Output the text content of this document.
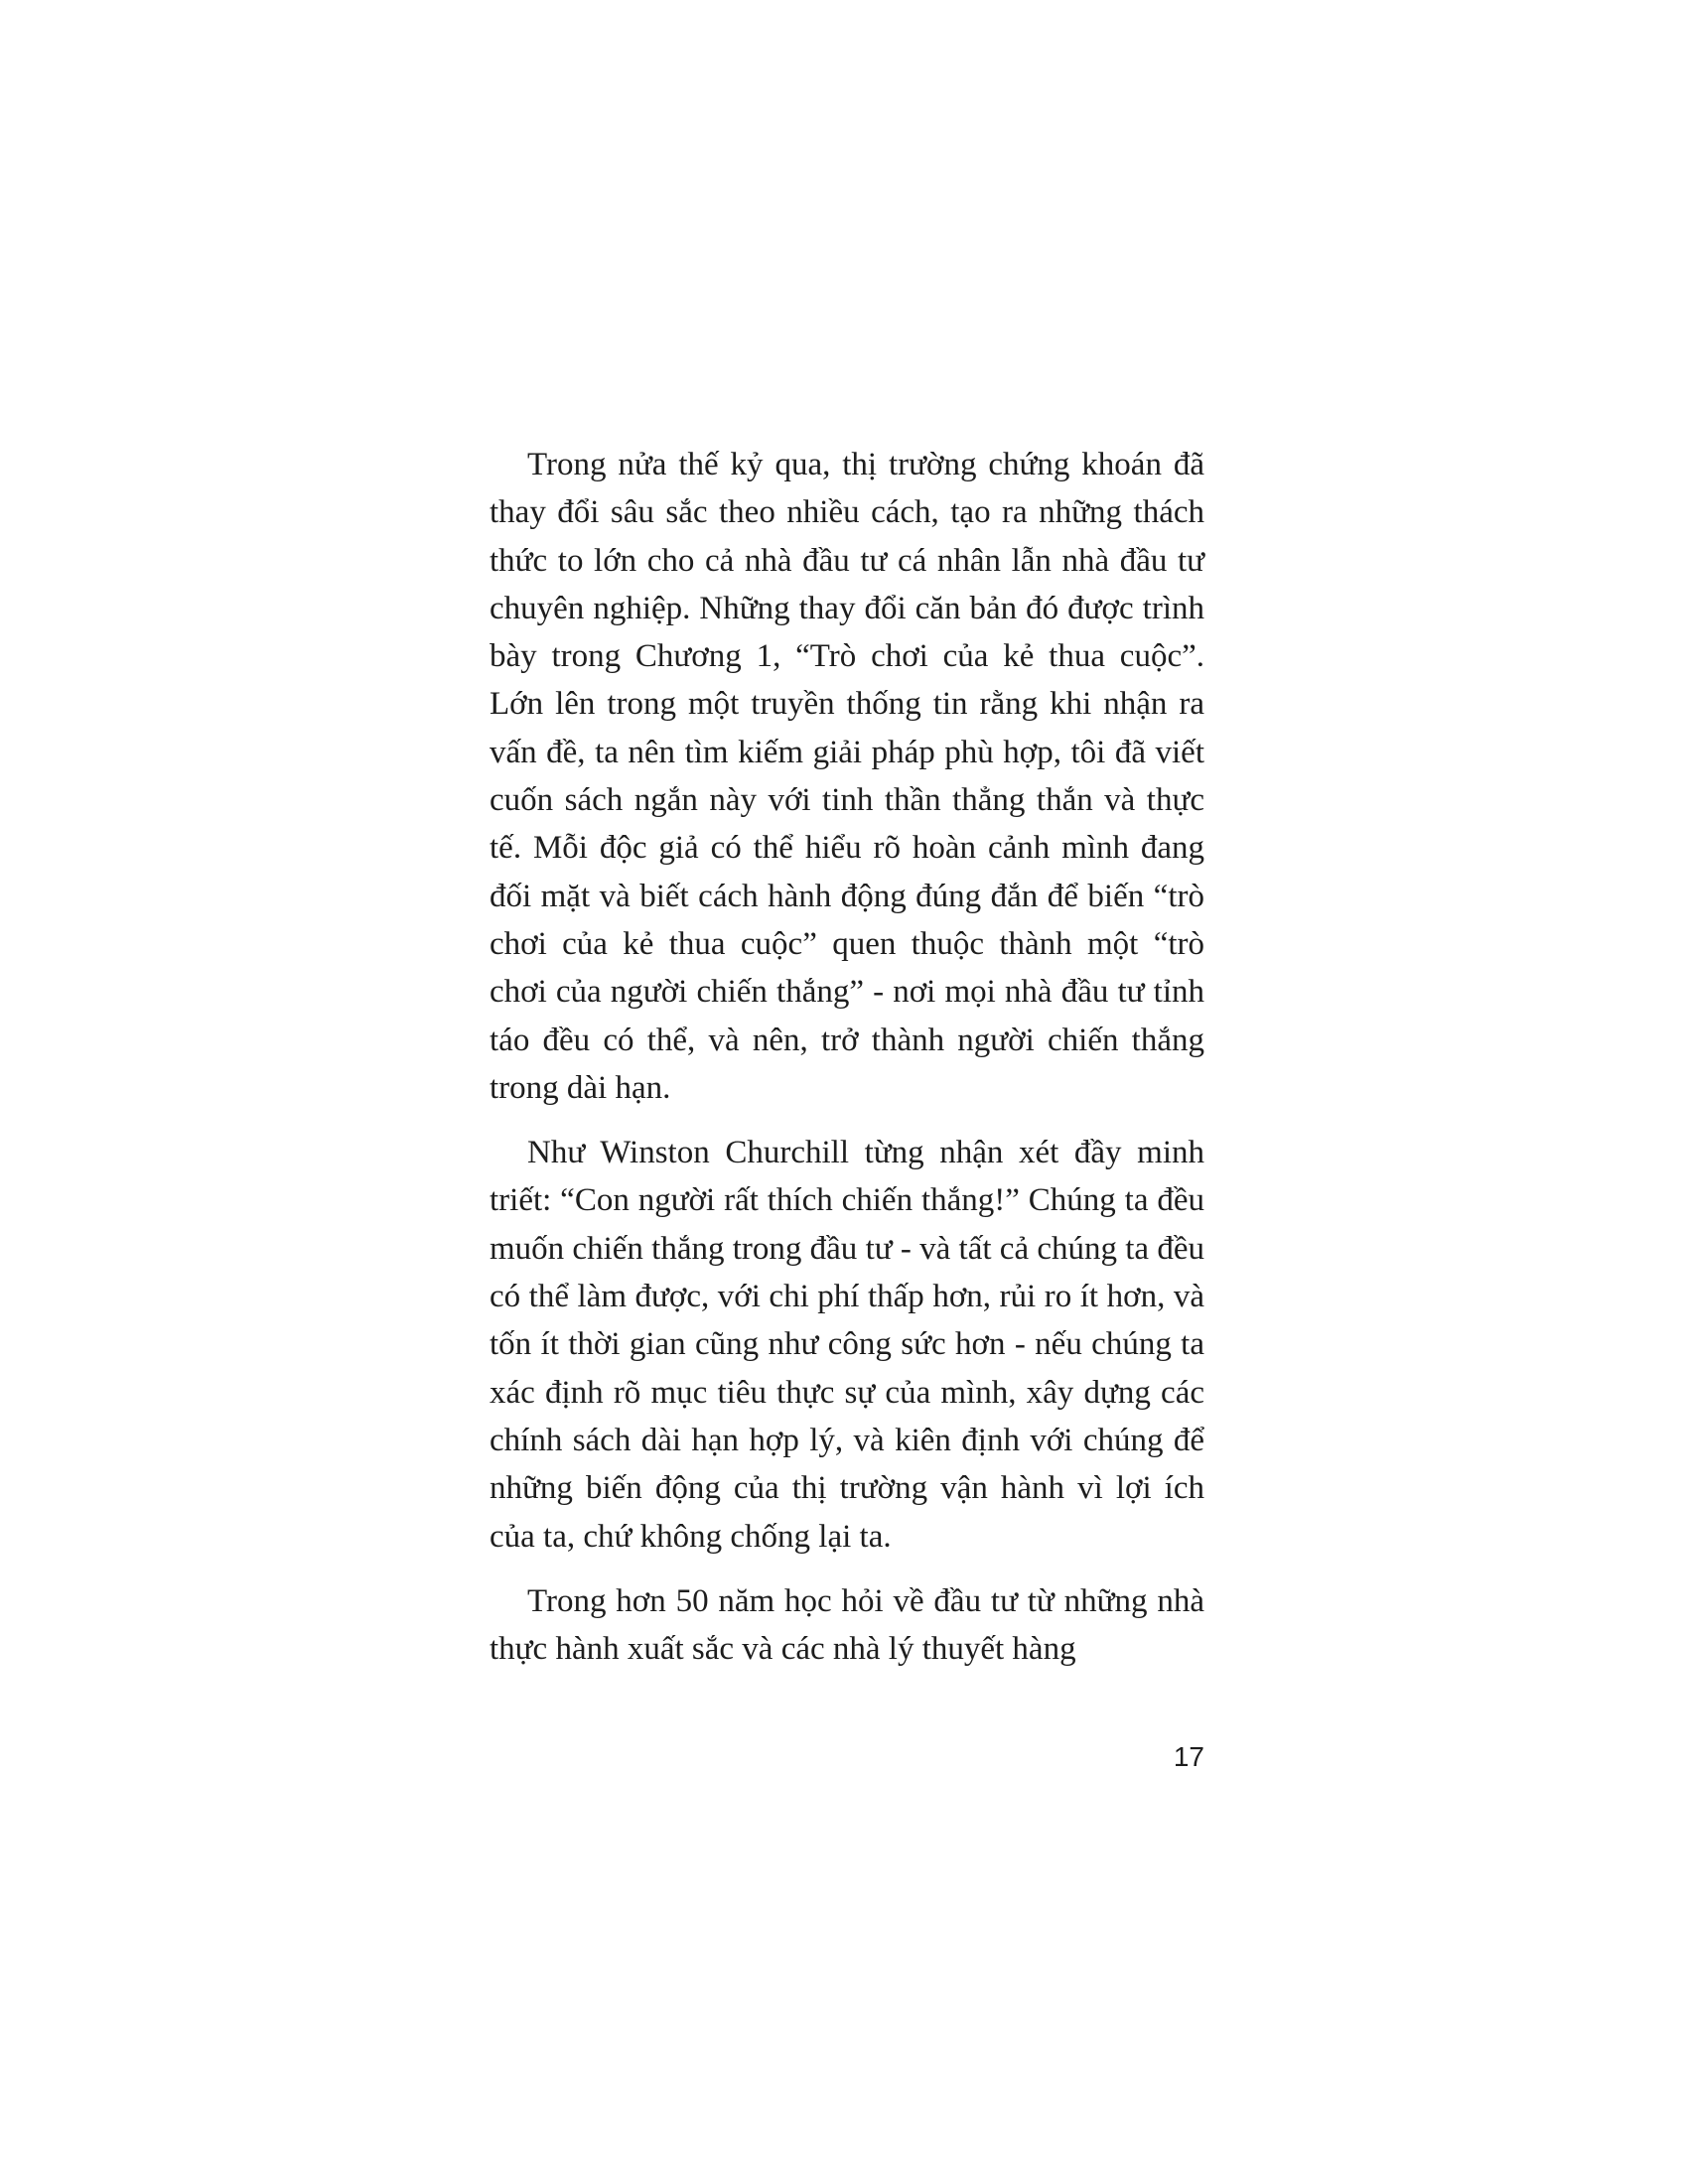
Trong nửa thế kỷ qua, thị trường chứng khoán đã thay đổi sâu sắc theo nhiều cách, tạo ra những thách thức to lớn cho cả nhà đầu tư cá nhân lẫn nhà đầu tư chuyên nghiệp. Những thay đổi căn bản đó được trình bày trong Chương 1, “Trò chơi của kẻ thua cuộc”. Lớn lên trong một truyền thống tin rằng khi nhận ra vấn đề, ta nên tìm kiếm giải pháp phù hợp, tôi đã viết cuốn sách ngắn này với tinh thần thẳng thắn và thực tế. Mỗi độc giả có thể hiểu rõ hoàn cảnh mình đang đối mặt và biết cách hành động đúng đắn để biến “trò chơi của kẻ thua cuộc” quen thuộc thành một “trò chơi của người chiến thắng” - nơi mọi nhà đầu tư tỉnh táo đều có thể, và nên, trở thành người chiến thắng trong dài hạn.

Như Winston Churchill từng nhận xét đầy minh triết: “Con người rất thích chiến thắng!” Chúng ta đều muốn chiến thắng trong đầu tư - và tất cả chúng ta đều có thể làm được, với chi phí thấp hơn, rủi ro ít hơn, và tốn ít thời gian cũng như công sức hơn - nếu chúng ta xác định rõ mục tiêu thực sự của mình, xây dựng các chính sách dài hạn hợp lý, và kiên định với chúng để những biến động của thị trường vận hành vì lợi ích của ta, chứ không chống lại ta.

Trong hơn 50 năm học hỏi về đầu tư từ những nhà thực hành xuất sắc và các nhà lý thuyết hàng

17
